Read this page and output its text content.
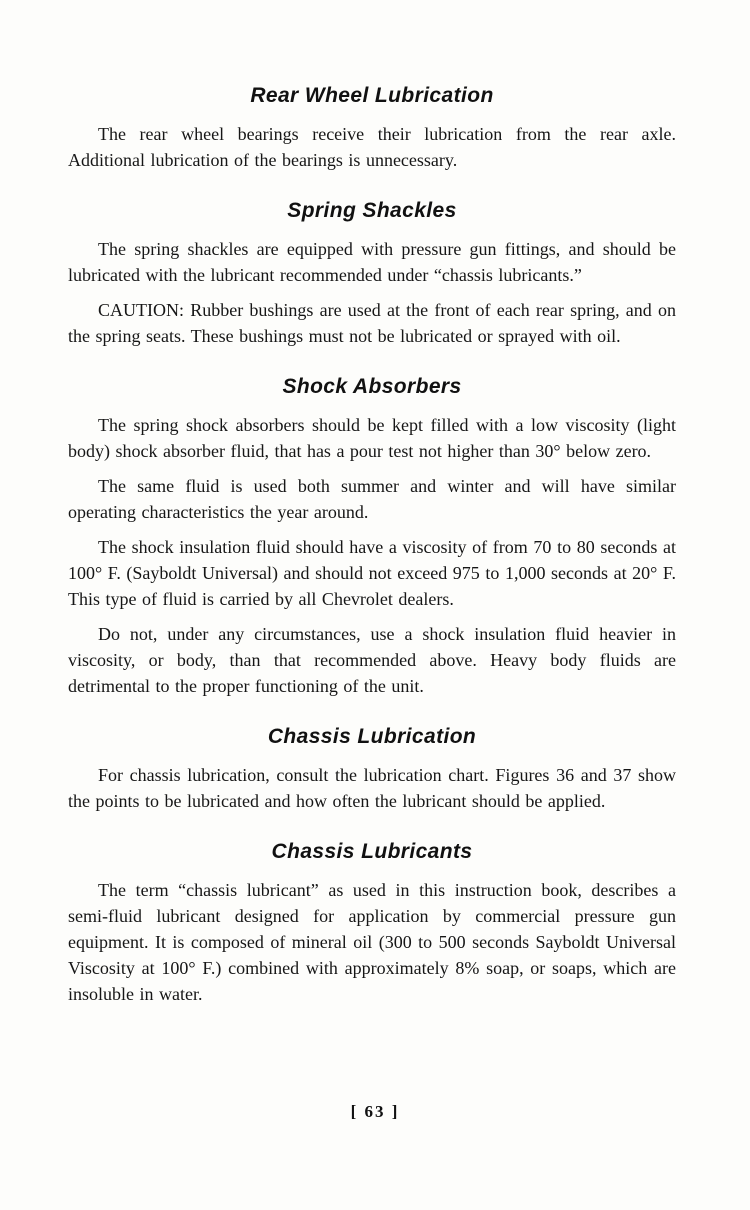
Rear Wheel Lubrication

The rear wheel bearings receive their lubrication from the rear axle. Additional lubrication of the bearings is unnecessary.

Spring Shackles

The spring shackles are equipped with pressure gun fittings, and should be lubricated with the lubricant recommended under “chassis lubricants.”

CAUTION: Rubber bushings are used at the front of each rear spring, and on the spring seats. These bushings must not be lubricated or sprayed with oil.

Shock Absorbers

The spring shock absorbers should be kept filled with a low viscosity (light body) shock absorber fluid, that has a pour test not higher than 30° below zero.

The same fluid is used both summer and winter and will have similar operating characteristics the year around.

The shock insulation fluid should have a viscosity of from 70 to 80 seconds at 100° F. (Sayboldt Universal) and should not exceed 975 to 1,000 seconds at 20° F. This type of fluid is carried by all Chevrolet dealers.

Do not, under any circumstances, use a shock insulation fluid heavier in viscosity, or body, than that recommended above. Heavy body fluids are detrimental to the proper functioning of the unit.

Chassis Lubrication

For chassis lubrication, consult the lubrication chart. Figures 36 and 37 show the points to be lubricated and how often the lubricant should be applied.

Chassis Lubricants

The term “chassis lubricant” as used in this instruction book, describes a semi-fluid lubricant designed for application by commercial pressure gun equipment. It is composed of mineral oil (300 to 500 seconds Sayboldt Universal Viscosity at 100° F.) combined with approximately 8% soap, or soaps, which are insoluble in water.

[ 63 ]
